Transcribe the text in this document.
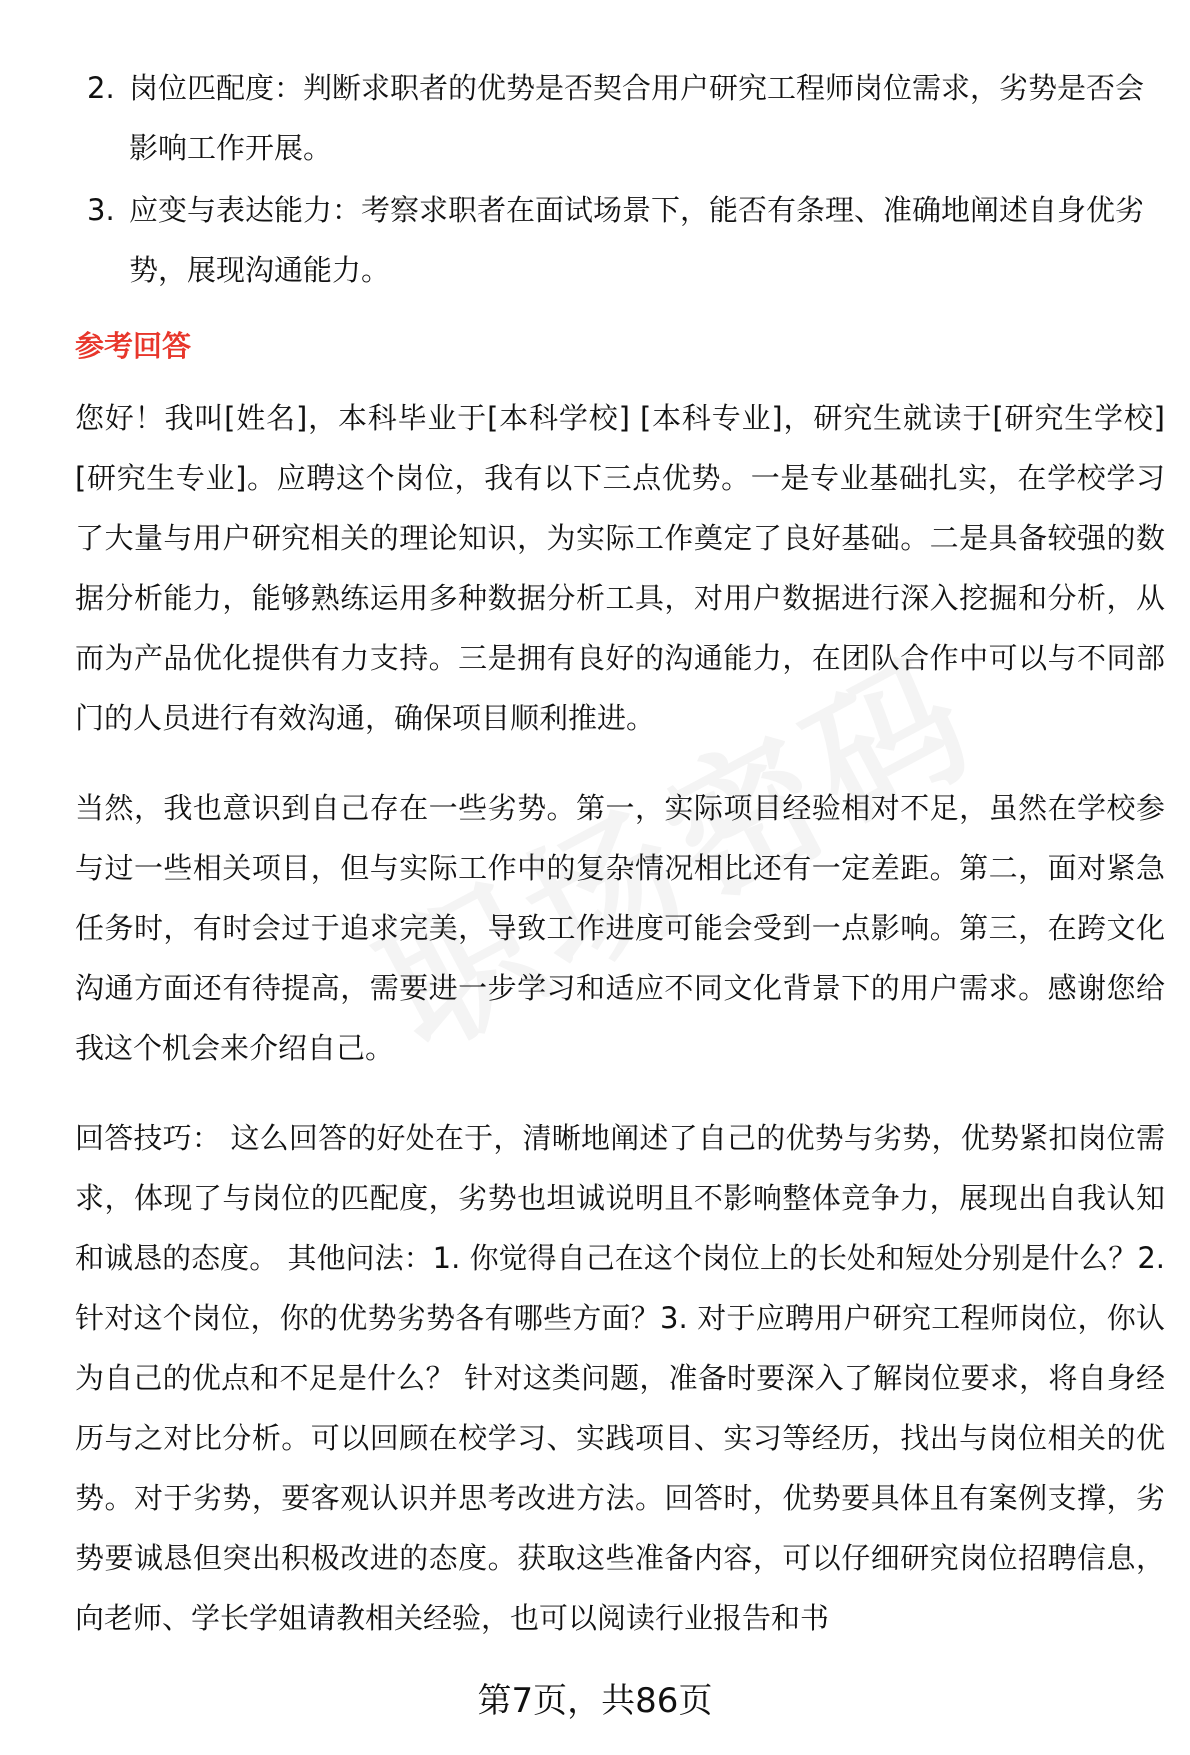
2. 岗位匹配度：判断求职者的优势是否契合用户研究工程师岗位需求，劣势是否会影响工作开展。
3. 应变与表达能力：考察求职者在面试场景下，能否有条理、准确地阐述自身优劣势，展现沟通能力。
参考回答

您好！我叫[姓名]，本科毕业于[本科学校] [本科专业]，研究生就读于[研究生学校] [研究生专业]。应聘这个岗位，我有以下三点优势。一是专业基础扎实，在学校学习了大量与用户研究相关的理论知识，为实际工作奠定了良好基础。二是具备较强的数据分析能力，能够熟练运用多种数据分析工具，对用户数据进行深入挖掘和分析，从而为产品优化提供有力支持。三是拥有良好的沟通能力，在团队合作中可以与不同部门的人员进行有效沟通，确保项目顺利推进。

当然，我也意识到自己存在一些劣势。第一，实际项目经验相对不足，虽然在学校参与过一些相关项目，但与实际工作中的复杂情况相比还有一定差距。第二，面对紧急任务时，有时会过于追求完美，导致工作进度可能会受到一点影响。第三，在跨文化沟通方面还有待提高，需要进一步学习和适应不同文化背景下的用户需求。感谢您给我这个机会来介绍自己。

回答技巧： 这么回答的好处在于，清晰地阐述了自己的优势与劣势，优势紧扣岗位需求，体现了与岗位的匹配度，劣势也坦诚说明且不影响整体竞争力，展现出自我认知和诚恳的态度。 其他问法：1. 你觉得自己在这个岗位上的长处和短处分别是什么？2. 针对这个岗位，你的优势劣势各有哪些方面？3. 对于应聘用户研究工程师岗位，你认为自己的优点和不足是什么？ 针对这类问题，准备时要深入了解岗位要求，将自身经历与之对比分析。可以回顾在校学习、实践项目、实习等经历，找出与岗位相关的优势。对于劣势，要客观认识并思考改进方法。回答时，优势要具体且有案例支撑，劣势要诚恳但突出积极改进的态度。获取这些准备内容，可以仔细研究岗位招聘信息，向老师、学长学姐请教相关经验，也可以阅读行业报告和书

第7页，共86页
